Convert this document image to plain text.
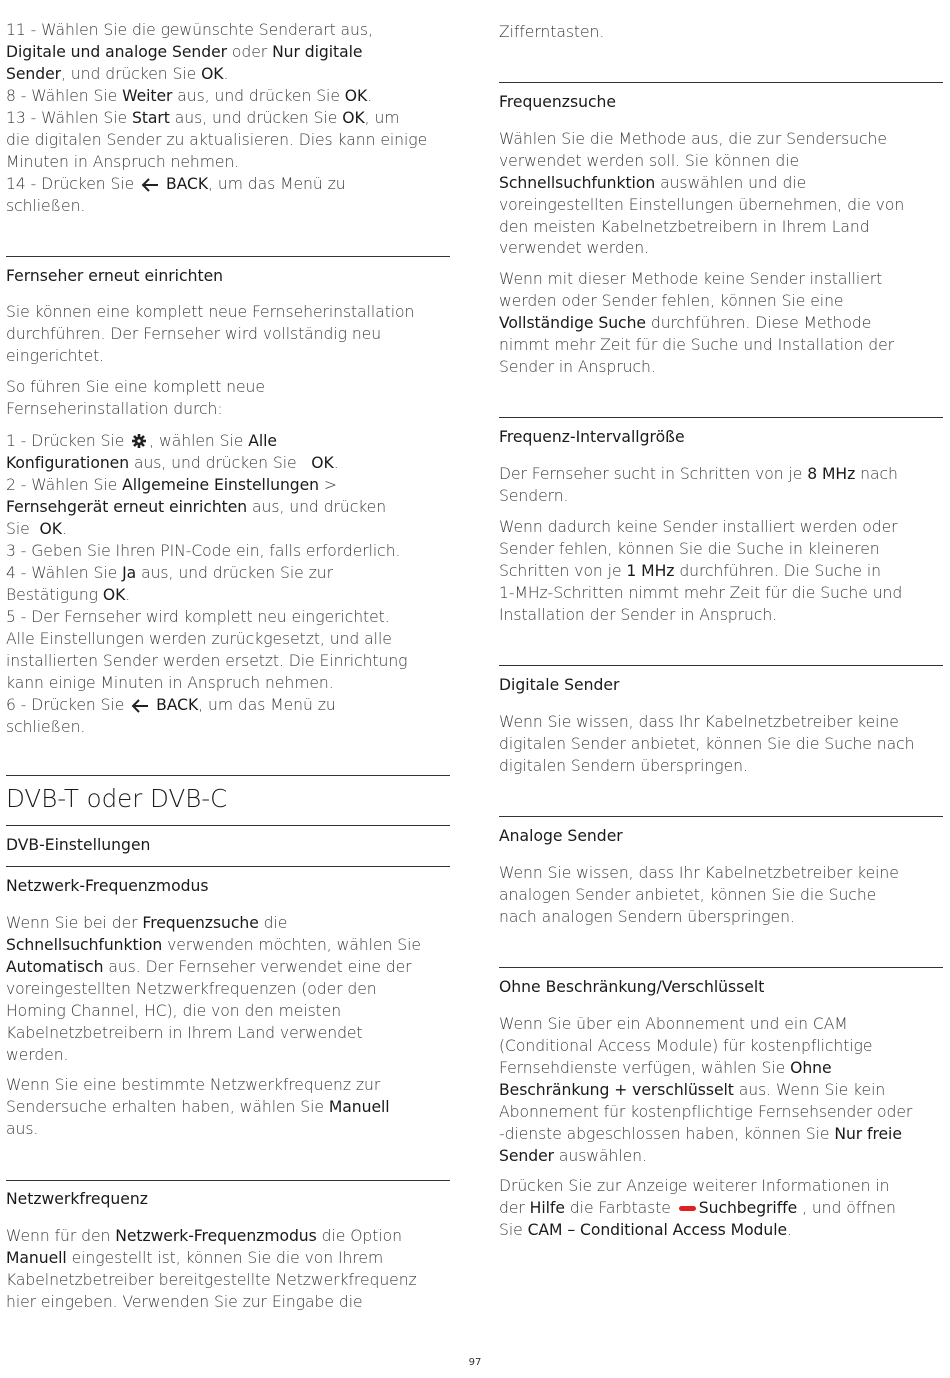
11 - Wählen Sie die gewünschte Senderart aus,
Digitale und analoge Sender oder Nur digitale
Sender, und drücken Sie OK.
8 - Wählen Sie Weiter aus, und drücken Sie OK.
13 - Wählen Sie Start aus, und drücken Sie OK, um
die digitalen Sender zu aktualisieren. Dies kann einige
Minuten in Anspruch nehmen.
14 - Drücken Sie  BACK, um das Menü zu
schließen.
Fernseher erneut einrichten
Sie können eine komplett neue Fernseherinstallation
durchführen. Der Fernseher wird vollständig neu
eingerichtet.
So führen Sie eine komplett neue
Fernseherinstallation durch:
1 - Drücken Sie , wählen Sie Alle
Konfigurationen aus, und drücken Sie   OK.
2 - Wählen Sie Allgemeine Einstellungen >
Fernsehgerät erneut einrichten aus, und drücken
Sie  OK.
3 - Geben Sie Ihren PIN-Code ein, falls erforderlich.
4 - Wählen Sie Ja aus, und drücken Sie zur
Bestätigung OK.
5 - Der Fernseher wird komplett neu eingerichtet.
Alle Einstellungen werden zurückgesetzt, und alle
installierten Sender werden ersetzt. Die Einrichtung
kann einige Minuten in Anspruch nehmen.
6 - Drücken Sie  BACK, um das Menü zu
schließen.
DVB-T oder DVB-C
DVB-Einstellungen
Netzwerk-Frequenzmodus
Wenn Sie bei der Frequenzsuche die
Schnellsuchfunktion verwenden möchten, wählen Sie
Automatisch aus. Der Fernseher verwendet eine der
voreingestellten Netzwerkfrequenzen (oder den
Homing Channel, HC), die von den meisten
Kabelnetzbetreibern in Ihrem Land verwendet
werden.
Wenn Sie eine bestimmte Netzwerkfrequenz zur
Sendersuche erhalten haben, wählen Sie Manuell
aus.
Netzwerkfrequenz
Wenn für den Netzwerk-Frequenzmodus die Option
Manuell eingestellt ist, können Sie die von Ihrem
Kabelnetzbetreiber bereitgestellte Netzwerkfrequenz
hier eingeben. Verwenden Sie zur Eingabe die
Zifferntasten.
Frequenzsuche
Wählen Sie die Methode aus, die zur Sendersuche
verwendet werden soll. Sie können die
Schnellsuchfunktion auswählen und die
voreingestellten Einstellungen übernehmen, die von
den meisten Kabelnetzbetreibern in Ihrem Land
verwendet werden.
Wenn mit dieser Methode keine Sender installiert
werden oder Sender fehlen, können Sie eine
Vollständige Suche durchführen. Diese Methode
nimmt mehr Zeit für die Suche und Installation der
Sender in Anspruch.
Frequenz-Intervallgröße
Der Fernseher sucht in Schritten von je 8 MHz nach
Sendern.
Wenn dadurch keine Sender installiert werden oder
Sender fehlen, können Sie die Suche in kleineren
Schritten von je 1 MHz durchführen. Die Suche in
1-MHz-Schritten nimmt mehr Zeit für die Suche und
Installation der Sender in Anspruch.
Digitale Sender
Wenn Sie wissen, dass Ihr Kabelnetzbetreiber keine
digitalen Sender anbietet, können Sie die Suche nach
digitalen Sendern überspringen.
Analoge Sender
Wenn Sie wissen, dass Ihr Kabelnetzbetreiber keine
analogen Sender anbietet, können Sie die Suche
nach analogen Sendern überspringen.
Ohne Beschränkung/Verschlüsselt
Wenn Sie über ein Abonnement und ein CAM
(Conditional Access Module) für kostenpflichtige
Fernsehdienste verfügen, wählen Sie Ohne
Beschränkung + verschlüsselt aus. Wenn Sie kein
Abonnement für kostenpflichtige Fernsehsender oder
-dienste abgeschlossen haben, können Sie Nur freie
Sender auswählen.
Drücken Sie zur Anzeige weiterer Informationen in
der Hilfe die Farbtaste Suchbegriffe , und öffnen
Sie CAM – Conditional Access Module.
97
